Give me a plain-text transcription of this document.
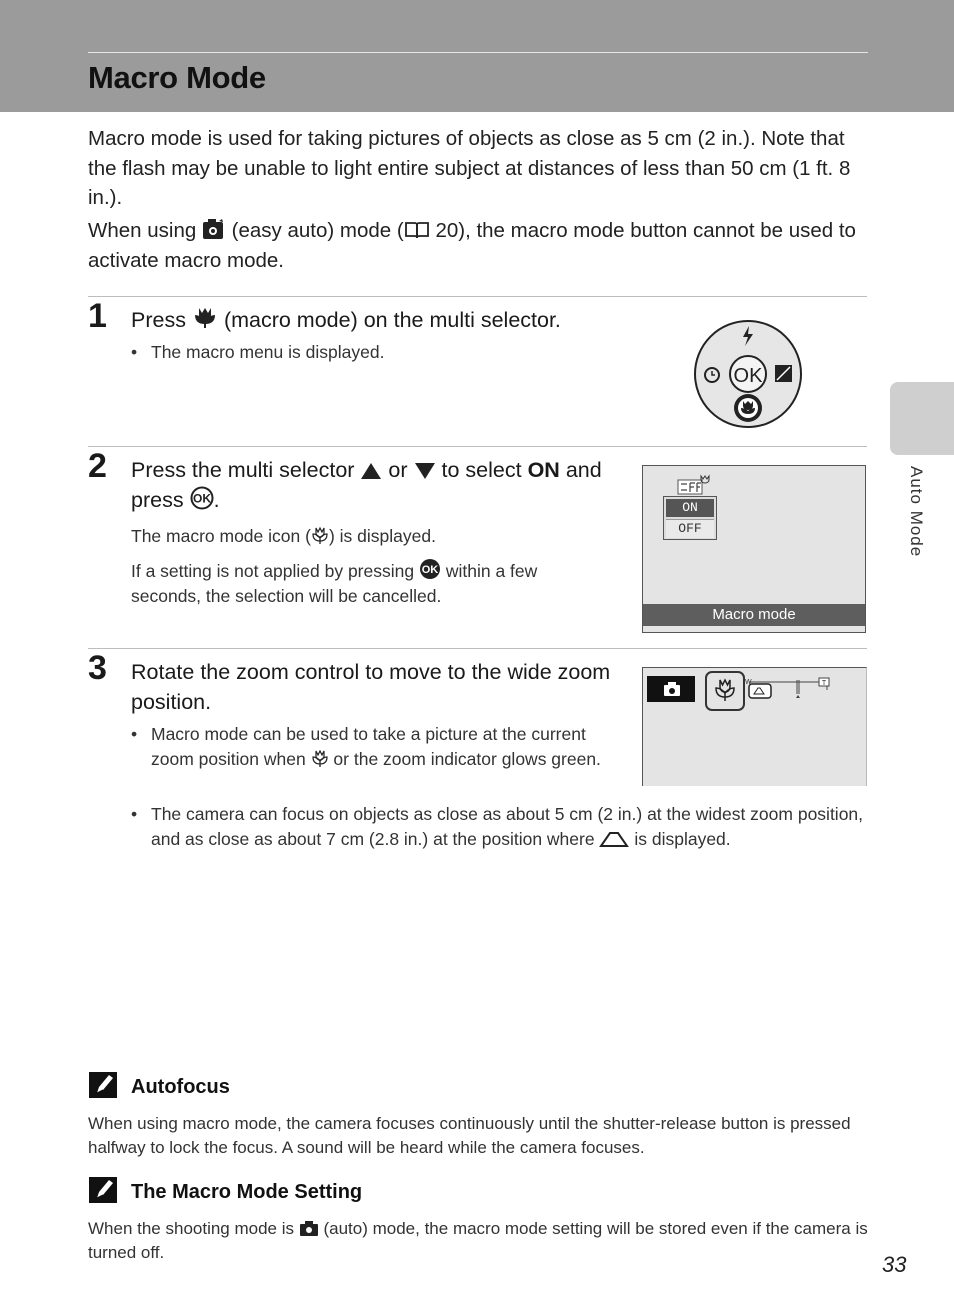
Macro Mode

Macro mode is used for taking pictures of objects as close as 5 cm (2 in.). Note that the flash may be unable to light entire subject at distances of less than 50 cm (1 ft. 8 in.).

When using (easy auto) mode ( 20), the macro mode button cannot be used to activate macro mode.

1 Press (macro mode) on the multi selector.

• The macro menu is displayed.

OK
2 Press the multi selector or to select ON and press OK .

The macro mode icon ( ) is displayed.

If a setting is not applied by pressing OK within a few seconds, the selection will be cancelled.

ON
OFF
Macro mode
3 Rotate the zoom control to move to the wide zoom position.

• Macro mode can be used to take a picture at the current zoom position when or the zoom indicator glows green.

• The camera can focus on objects as close as about 5 cm (2 in.) at the widest zoom position, and as close as about 7 cm (2.8 in.) at the position where is displayed.

T
W
Auto Mode
Autofocus

When using macro mode, the camera focuses continuously until the shutter-release button is pressed halfway to lock the focus. A sound will be heard while the camera focuses.

The Macro Mode Setting

When the shooting mode is (auto) mode, the macro mode setting will be stored even if the camera is turned off.	33
